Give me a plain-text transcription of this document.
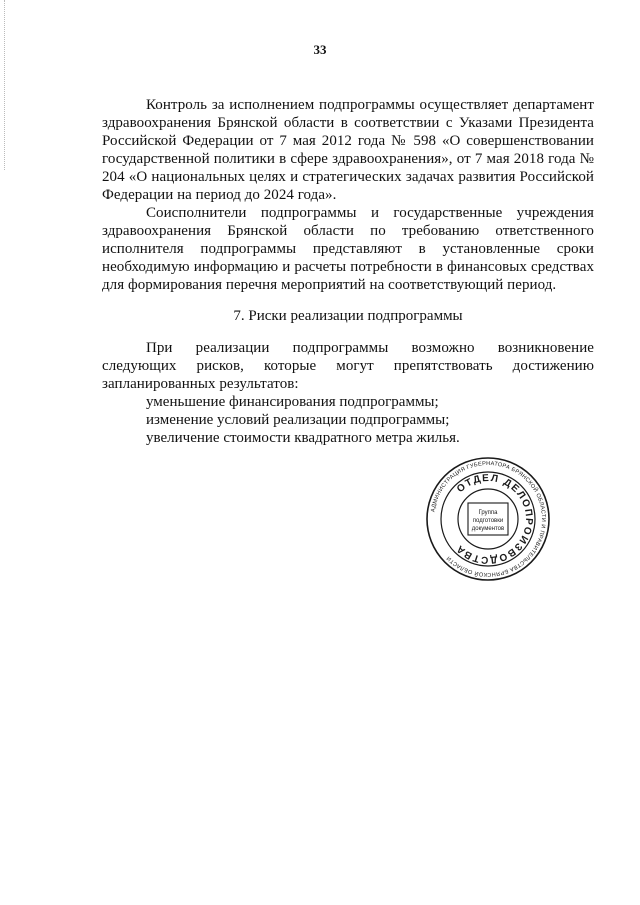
33

Контроль за исполнением подпрограммы осуществляет департамент здравоохранения Брянской области в соответствии с Указами Президента Российской Федерации от 7 мая 2012 года № 598 «О совершенствовании государственной политики в сфере здравоохранения», от 7 мая 2018 года № 204 «О национальных целях и стратегических задачах развития Российской Федерации на период до 2024 года».

Соисполнители подпрограммы и государственные учреждения здравоохранения Брянской области по требованию ответственного исполнителя подпрограммы представляют в установленные сроки необходимую информацию и расчеты потребности в финансовых средствах для формирования перечня мероприятий на соответствующий период.

7. Риски реализации подпрограммы

При реализации подпрограммы возможно возникновение следующих рисков, которые могут препятствовать достижению запланированных результатов:

уменьшение финансирования подпрограммы;

изменение условий реализации подпрограммы;

увеличение стоимости квадратного метра жилья.

АДМИНИСТРАЦИЯ ГУБЕРНАТОРА БРЯНСКОЙ ОБЛАСТИ И ПРАВИТЕЛЬСТВА БРЯНСКОЙ ОБЛАСТИ
ОТДЕЛ ДЕЛОПРОИЗВОДСТВА
Группа
подготовки
документов
